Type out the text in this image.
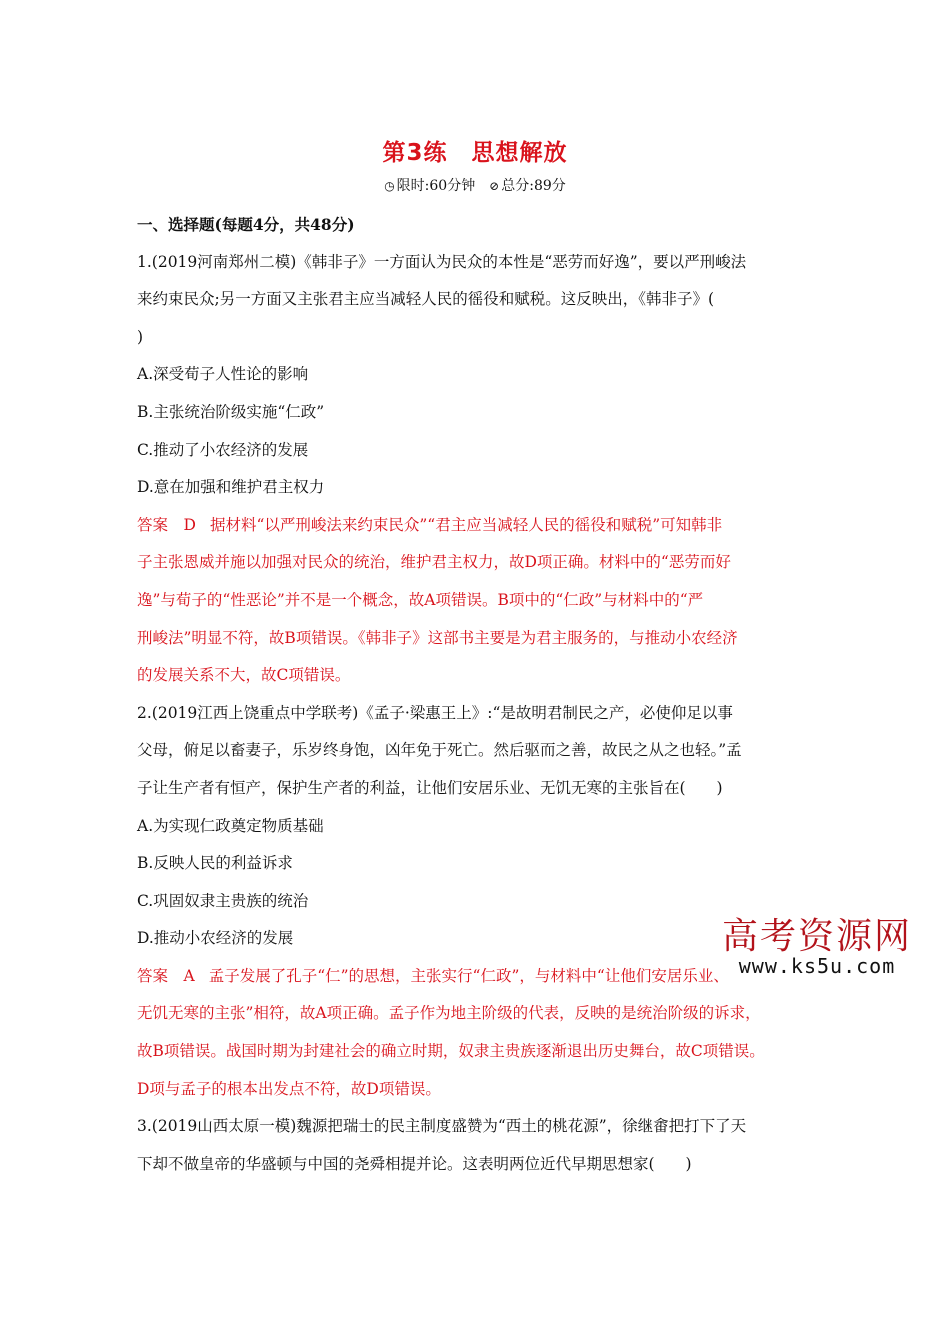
第3练　思想解放
◷ 限时:60分钟 ⊘ 总分:89分
一、选择题(每题4分，共48分)
1.(2019河南郑州二模)《韩非子》一方面认为民众的本性是“恶劳而好逸”，要以严刑峻法
来约束民众;另一方面又主张君主应当减轻人民的徭役和赋税。这反映出，《韩非子》(
)
A.深受荀子人性论的影响
B.主张统治阶级实施“仁政”
C.推动了小农经济的发展
D.意在加强和维护君主权力
答案　D 据材料“以严刑峻法来约束民众”“君主应当减轻人民的徭役和赋税”可知韩非
子主张恩威并施以加强对民众的统治，维护君主权力，故D项正确。材料中的“恶劳而好
逸”与荀子的“性恶论”并不是一个概念，故A项错误。B项中的“仁政”与材料中的“严
刑峻法”明显不符，故B项错误。《韩非子》这部书主要是为君主服务的，与推动小农经济
的发展关系不大，故C项错误。
2.(2019江西上饶重点中学联考)《孟子·梁惠王上》:“是故明君制民之产，必使仰足以事
父母，俯足以畜妻子，乐岁终身饱，凶年免于死亡。然后驱而之善，故民之从之也轻。”孟
子让生产者有恒产，保护生产者的利益，让他们安居乐业、无饥无寒的主张旨在(　　)
A.为实现仁政奠定物质基础
B.反映人民的利益诉求
C.巩固奴隶主贵族的统治
D.推动小农经济的发展
答案　A 孟子发展了孔子“仁”的思想，主张实行“仁政”，与材料中“让他们安居乐业、
无饥无寒的主张”相符，故A项正确。孟子作为地主阶级的代表，反映的是统治阶级的诉求，
故B项错误。战国时期为封建社会的确立时期，奴隶主贵族逐渐退出历史舞台，故C项错误。
D项与孟子的根本出发点不符，故D项错误。
3.(2019山西太原一模)魏源把瑞士的民主制度盛赞为“西土的桃花源”，徐继畬把打下了天
下却不做皇帝的华盛顿与中国的尧舜相提并论。这表明两位近代早期思想家(　　)
高考资源网
www.ks5u.com
